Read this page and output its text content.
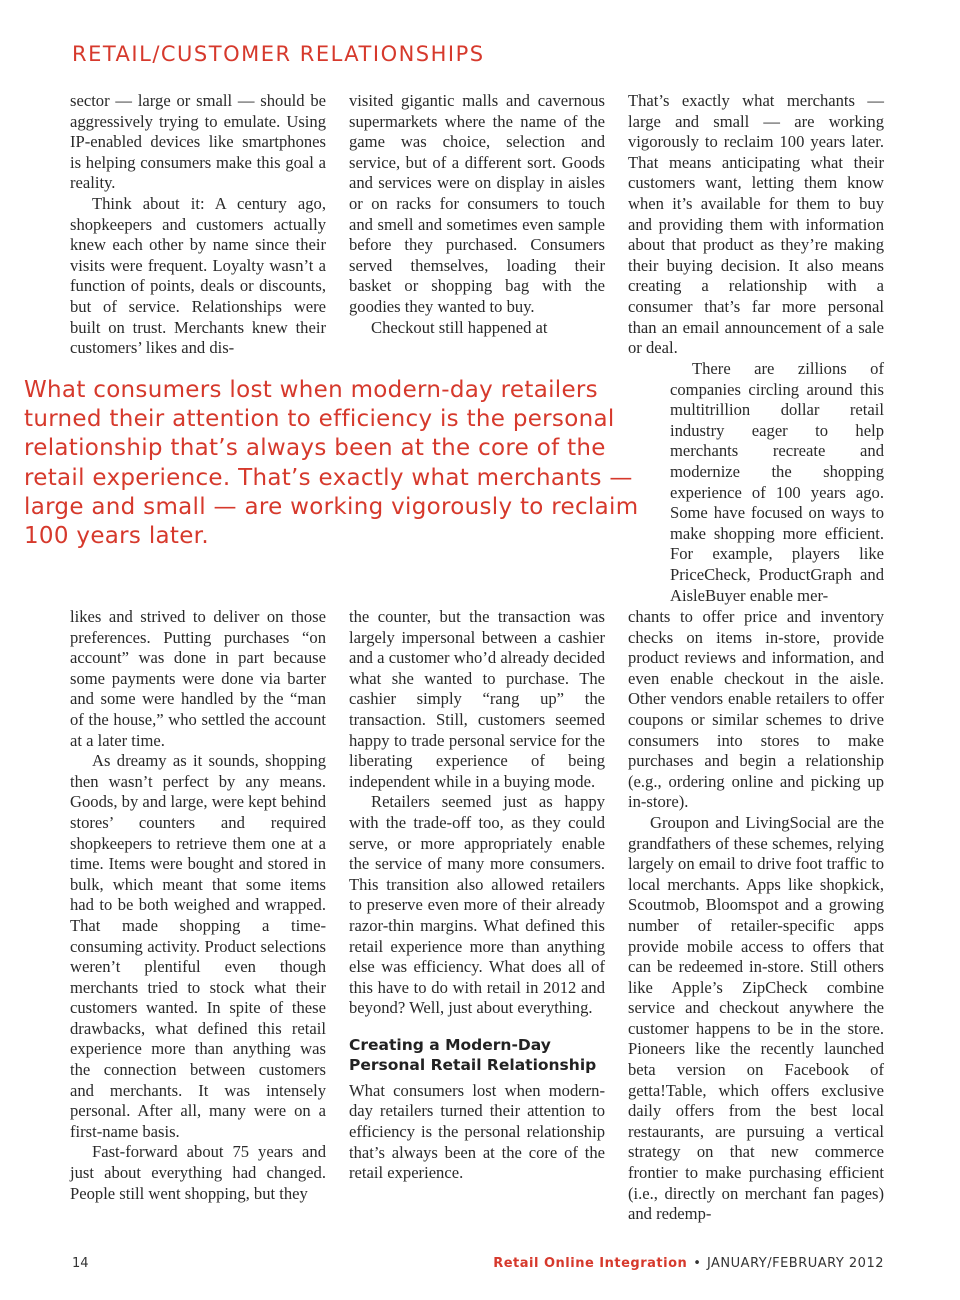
RETAIL/CUSTOMER RELATIONSHIPS

sector — large or small — should be aggressively trying to emulate. Using IP-enabled devices like smartphones is helping consumers make this goal a reality.

Think about it: A century ago, shopkeepers and customers actually knew each other by name since their visits were frequent. Loyalty wasn’t a function of points, deals or discounts, but of service. Relationships were built on trust. Merchants knew their customers’ likes and dis-

visited gigantic malls and cavernous supermarkets where the name of the game was choice, selection and service, but of a different sort. Goods and services were on display in aisles or on racks for consumers to touch and smell and sometimes even sample before they purchased. Consumers served themselves, loading their basket or shopping bag with the goodies they wanted to buy.

Checkout still happened at

That’s exactly what merchants — large and small — are working vigorously to reclaim 100 years later. That means anticipating what their customers want, letting them know when it’s available for them to buy and providing them with information about that product as they’re making their buying decision. It also means creating a relationship with a consumer that’s far more personal than an email announcement of a sale or deal.

There are zillions of companies circling around this multitrillion dollar retail industry eager to help merchants recreate and modernize the shopping experience of 100 years ago. Some have focused on ways to make shopping more efficient. For example, players like PriceCheck, ProductGraph and AisleBuyer enable mer-

What consumers lost when modern-day retailers turned their attention to efficiency is the personal relationship that’s always been at the core of the retail experience. That’s exactly what merchants — large and small — are working vigorously to reclaim 100 years later.

likes and strived to deliver on those preferences. Putting purchases “on account” was done in part because some payments were done via barter and some were handled by the “man of the house,” who settled the account at a later time.

As dreamy as it sounds, shopping then wasn’t perfect by any means. Goods, by and large, were kept behind stores’ counters and required shopkeepers to retrieve them one at a time. Items were bought and stored in bulk, which meant that some items had to be both weighed and wrapped. That made shopping a time-consuming activity. Product selections weren’t plentiful even though merchants tried to stock what their customers wanted. In spite of these drawbacks, what defined this retail experience more than anything was the connection between customers and merchants. It was intensely personal. After all, many were on a first-name basis.

Fast-forward about 75 years and just about everything had changed. People still went shopping, but they

the counter, but the transaction was largely impersonal between a cashier and a customer who’d already decided what she wanted to purchase. The cashier simply “rang up” the transaction. Still, customers seemed happy to trade personal service for the liberating experience of being independent while in a buying mode.

Retailers seemed just as happy with the trade-off too, as they could serve, or more appropriately enable the service of many more consumers. This transition also allowed retailers to preserve even more of their already razor-thin margins. What defined this retail experience more than anything else was efficiency. What does all of this have to do with retail in 2012 and beyond? Well, just about everything.

Creating a Modern-Day Personal Retail Relationship

What consumers lost when modern-day retailers turned their attention to efficiency is the personal relationship that’s always been at the core of the retail experience.

chants to offer price and inventory checks on items in-store, provide product reviews and information, and even enable checkout in the aisle. Other vendors enable retailers to offer coupons or similar schemes to drive consumers into stores to make purchases and begin a relationship (e.g., ordering online and picking up in-store).

Groupon and LivingSocial are the grandfathers of these schemes, relying largely on email to drive foot traffic to local merchants. Apps like shopkick, Scoutmob, Bloomspot and a growing number of retailer-specific apps provide mobile access to offers that can be redeemed in-store. Still others like Apple’s ZipCheck combine service and checkout anywhere the customer happens to be in the store. Pioneers like the recently launched beta version on Facebook of getta!Table, which offers exclusive daily offers from the best local restaurants, are pursuing a vertical strategy on that new commerce frontier to make purchasing efficient (i.e., directly on merchant fan pages) and redemp-

14	Retail Online Integration • JANUARY/FEBRUARY 2012
